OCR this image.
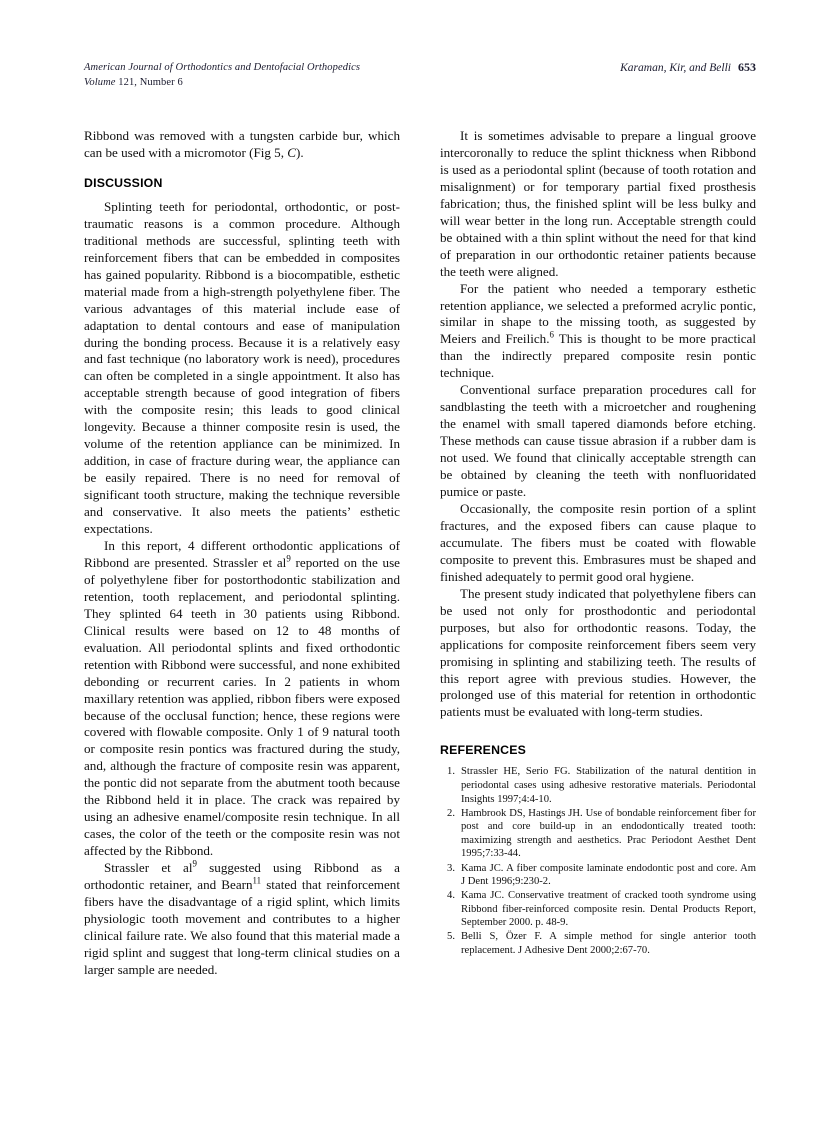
American Journal of Orthodontics and Dentofacial Orthopedics
Volume 121, Number 6
Karaman, Kir, and Belli 653

Ribbond was removed with a tungsten carbide bur, which can be used with a micromotor (Fig 5, C).

DISCUSSION

Splinting teeth for periodontal, orthodontic, or post-traumatic reasons is a common procedure. Although traditional methods are successful, splinting teeth with reinforcement fibers that can be embedded in composites has gained popularity. Ribbond is a biocompatible, esthetic material made from a high-strength polyethylene fiber. The various advantages of this material include ease of adaptation to dental contours and ease of manipulation during the bonding process. Because it is a relatively easy and fast technique (no laboratory work is need), procedures can often be completed in a single appointment. It also has acceptable strength because of good integration of fibers with the composite resin; this leads to good clinical longevity. Because a thinner composite resin is used, the volume of the retention appliance can be minimized. In addition, in case of fracture during wear, the appliance can be easily repaired. There is no need for removal of significant tooth structure, making the technique reversible and conservative. It also meets the patients’ esthetic expectations.

In this report, 4 different orthodontic applications of Ribbond are presented. Strassler et $al^9$ reported on the use of polyethylene fiber for postorthodontic stabilization and retention, tooth replacement, and periodontal splinting. They splinted 64 teeth in 30 patients using Ribbond. Clinical results were based on 12 to 48 months of evaluation. All periodontal splints and fixed orthodontic retention with Ribbond were successful, and none exhibited debonding or recurrent caries. In 2 patients in whom maxillary retention was applied, ribbon fibers were exposed because of the occlusal function; hence, these regions were covered with flowable composite. Only 1 of 9 natural tooth or composite resin pontics was fractured during the study, and, although the fracture of composite resin was apparent, the pontic did not separate from the abutment tooth because the Ribbond held it in place. The crack was repaired by using an adhesive enamel/composite resin technique. In all cases, the color of the teeth or the composite resin was not affected by the Ribbond.

Strassler et $al^9$ suggested using Ribbond as a orthodontic retainer, and Bearn$^{11}$ stated that reinforcement fibers have the disadvantage of a rigid splint, which limits physiologic tooth movement and contributes to a higher clinical failure rate. We also found that this material made a rigid splint and suggest that long-term clinical studies on a larger sample are needed.

It is sometimes advisable to prepare a lingual groove intercoronally to reduce the splint thickness when Ribbond is used as a periodontal splint (because of tooth rotation and misalignment) or for temporary partial fixed prosthesis fabrication; thus, the finished splint will be less bulky and will wear better in the long run. Acceptable strength could be obtained with a thin splint without the need for that kind of preparation in our orthodontic retainer patients because the teeth were aligned.

For the patient who needed a temporary esthetic retention appliance, we selected a preformed acrylic pontic, similar in shape to the missing tooth, as suggested by Meiers and Freilich.$^6$ This is thought to be more practical than the indirectly prepared composite resin pontic technique.

Conventional surface preparation procedures call for sandblasting the teeth with a microetcher and roughening the enamel with small tapered diamonds before etching. These methods can cause tissue abrasion if a rubber dam is not used. We found that clinically acceptable strength can be obtained by cleaning the teeth with nonfluoridated pumice or paste.

Occasionally, the composite resin portion of a splint fractures, and the exposed fibers can cause plaque to accumulate. The fibers must be coated with flowable composite to prevent this. Embrasures must be shaped and finished adequately to permit good oral hygiene.

The present study indicated that polyethylene fibers can be used not only for prosthodontic and periodontal purposes, but also for orthodontic reasons. Today, the applications for composite reinforcement fibers seem very promising in splinting and stabilizing teeth. The results of this report agree with previous studies. However, the prolonged use of this material for retention in orthodontic patients must be evaluated with long-term studies.

REFERENCES
1. Strassler HE, Serio FG. Stabilization of the natural dentition in periodontal cases using adhesive restorative materials. Periodontal Insights 1997;4:4-10.
2. Hambrook DS, Hastings JH. Use of bondable reinforcement fiber for post and core build-up in an endodontically treated tooth: maximizing strength and aesthetics. Prac Periodont Aesthet Dent 1995;7:33-44.
3. Kama JC. A fiber composite laminate endodontic post and core. Am J Dent 1996;9:230-2.
4. Kama JC. Conservative treatment of cracked tooth syndrome using Ribbond fiber-reinforced composite resin. Dental Products Report, September 2000. p. 48-9.
5. Belli S, Özer F. A simple method for single anterior tooth replacement. J Adhesive Dent 2000;2:67-70.
